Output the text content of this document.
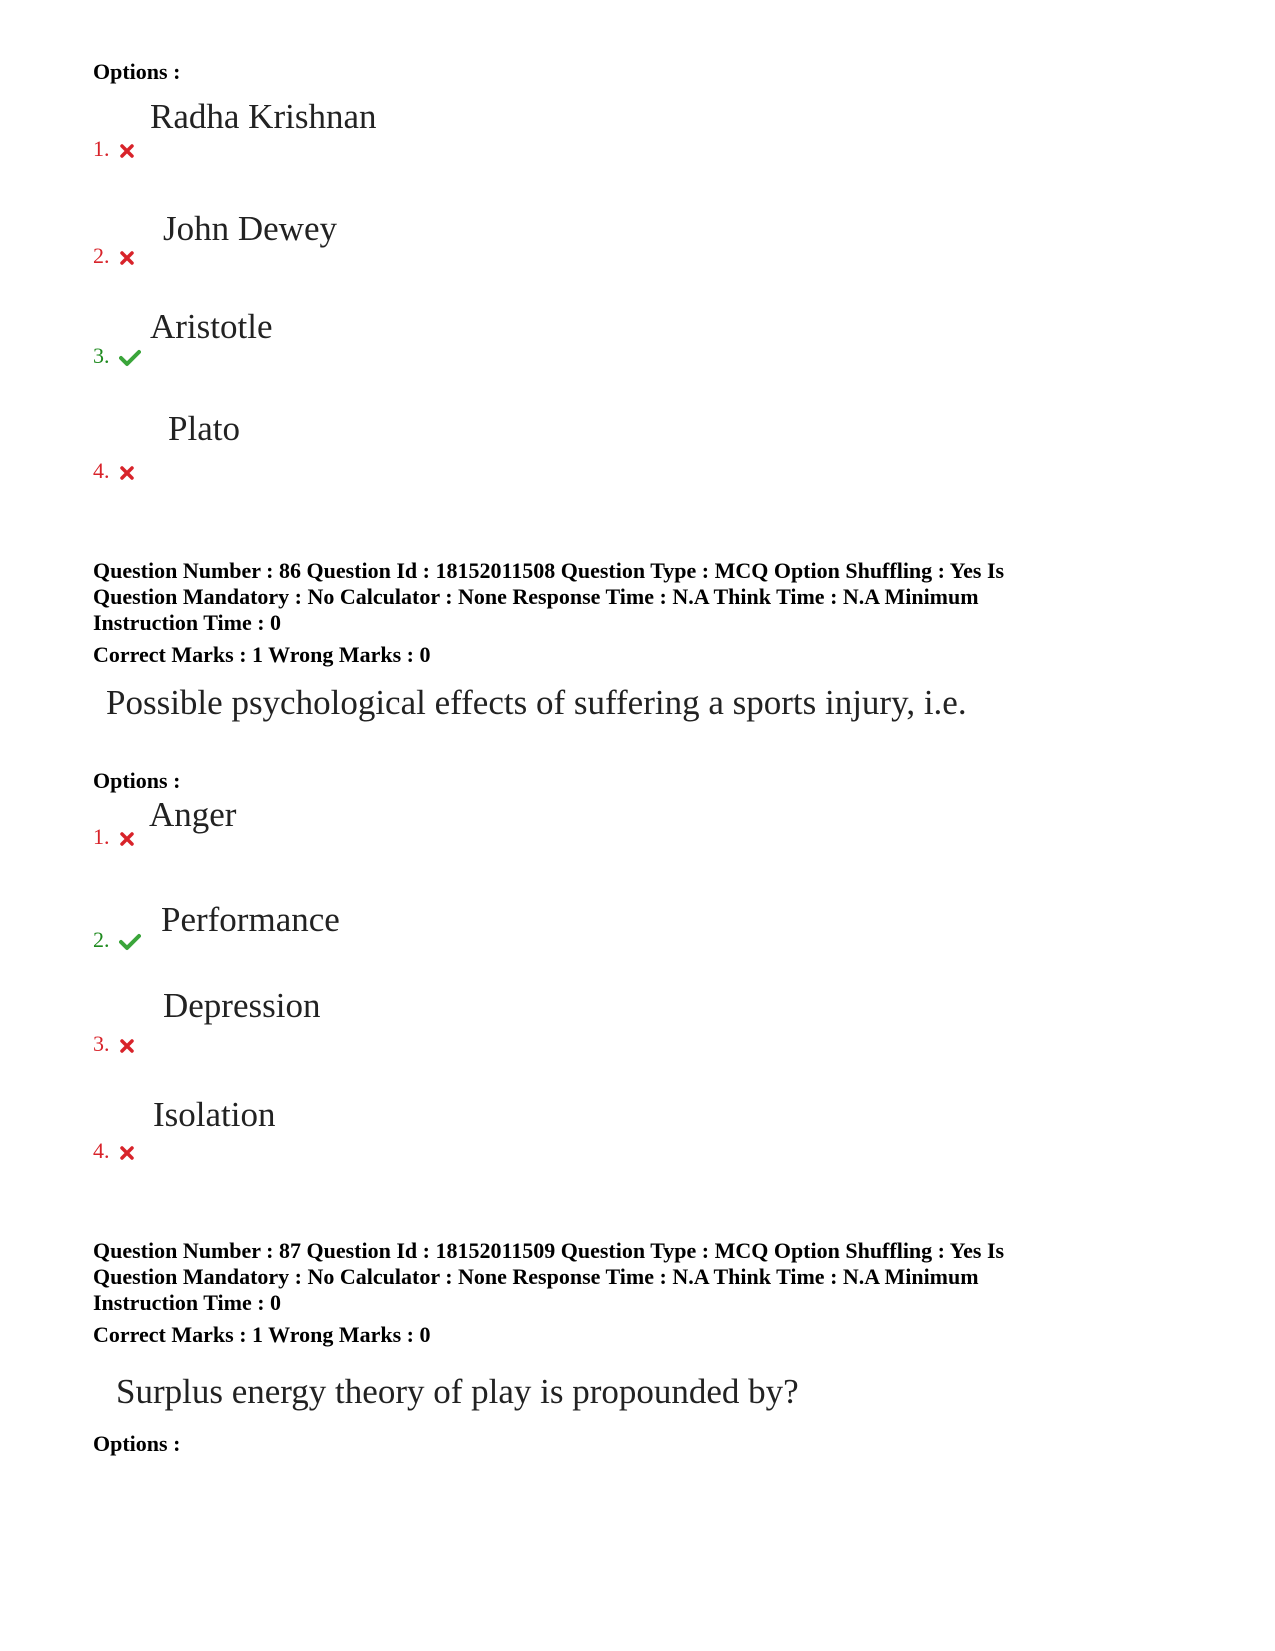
Options :
Radha Krishnan
1.
John Dewey
2.
Aristotle
3.
Plato
4.
Question Number : 86 Question Id : 18152011508 Question Type : MCQ Option Shuffling : Yes Is
Question Mandatory : No Calculator : None Response Time : N.A Think Time : N.A Minimum
Instruction Time : 0
Correct Marks : 1 Wrong Marks : 0
Possible psychological effects of suffering a sports injury, i.e.
Options :
Anger
1.
Performance
2.
Depression
3.
Isolation
4.
Question Number : 87 Question Id : 18152011509 Question Type : MCQ Option Shuffling : Yes Is
Question Mandatory : No Calculator : None Response Time : N.A Think Time : N.A Minimum
Instruction Time : 0
Correct Marks : 1 Wrong Marks : 0
Surplus energy theory of play is propounded by?
Options :
